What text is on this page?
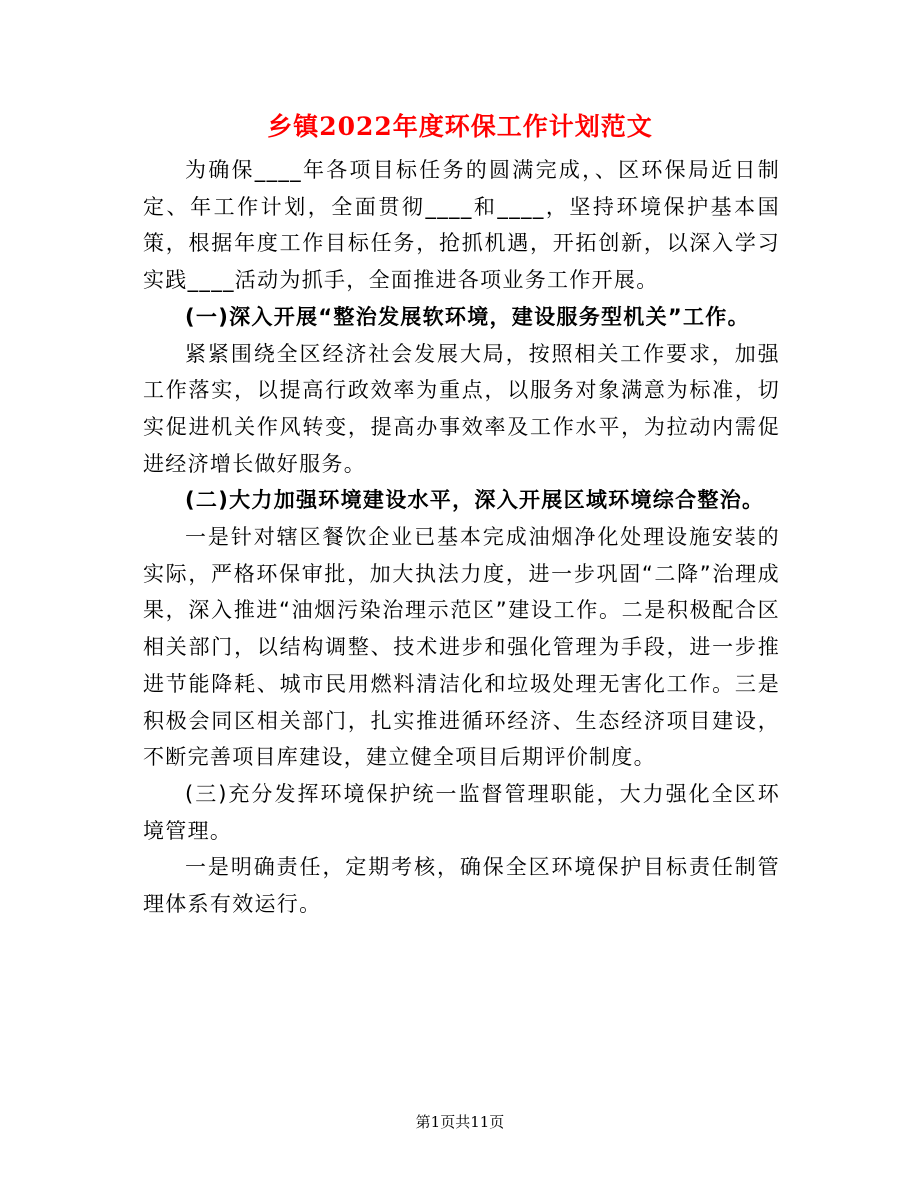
乡镇2022年度环保工作计划范文

为确保____年各项目标任务的圆满完成，、区环保局近日制定、年工作计划，全面贯彻____和____，坚持环境保护基本国策，根据年度工作目标任务，抢抓机遇，开拓创新，以深入学习实践____活动为抓手，全面推进各项业务工作开展。

(一)深入开展“整治发展软环境，建设服务型机关”工作。

紧紧围绕全区经济社会发展大局，按照相关工作要求，加强工作落实，以提高行政效率为重点，以服务对象满意为标准，切实促进机关作风转变，提高办事效率及工作水平，为拉动内需促进经济增长做好服务。

(二)大力加强环境建设水平，深入开展区域环境综合整治。

一是针对辖区餐饮企业已基本完成油烟净化处理设施安装的实际，严格环保审批，加大执法力度，进一步巩固“二降”治理成果，深入推进“油烟污染治理示范区”建设工作。二是积极配合区相关部门，以结构调整、技术进步和强化管理为手段，进一步推进节能降耗、城市民用燃料清洁化和垃圾处理无害化工作。三是积极会同区相关部门，扎实推进循环经济、生态经济项目建设，不断完善项目库建设，建立健全项目后期评价制度。

(三)充分发挥环境保护统一监督管理职能，大力强化全区环境管理。

一是明确责任，定期考核，确保全区环境保护目标责任制管理体系有效运行。

第1页共11页
